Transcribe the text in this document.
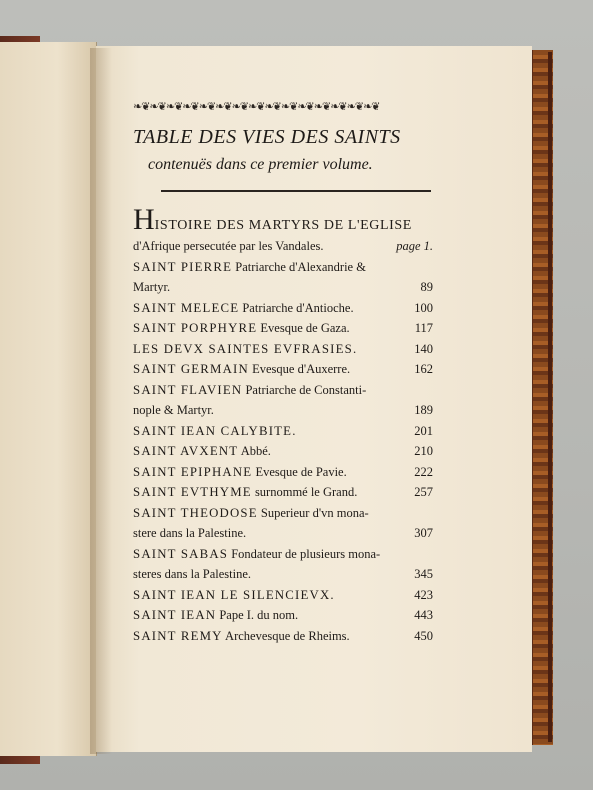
❧❦❧❦❧❦❧❦❧❦❧❦❧❦❧❦❧❦❧❦❧❦❧❦❧❦❧❦❧❦
TABLE DES VIES DES SAINTS
contenuës dans ce premier volume.
HISTOIRE DES MARTYRS DE L'EGLISE
d'Afrique persecutée par les Vandales.	page 1.
SAINT PIERRE Patriarche d'Alexandrie &
Martyr.	89
SAINT MELECE Patriarche d'Antioche.	100
SAINT PORPHYRE Evesque de Gaza.	117
LES DEVX SAINTES EVFRASIES.	140
SAINT GERMAIN Evesque d'Auxerre.	162
SAINT FLAVIEN Patriarche de Constanti-
nople & Martyr.	189
SAINT IEAN CALYBITE.	201
SAINT AVXENT Abbé.	210
SAINT EPIPHANE Evesque de Pavie.	222
SAINT EVTHYME surnommé le Grand.	257
SAINT THEODOSE Superieur d'vn mona-
stere dans la Palestine.	307
SAINT SABAS Fondateur de plusieurs mona-
steres dans la Palestine.	345
SAINT IEAN LE SILENCIEVX.	423
SAINT IEAN Pape I. du nom.	443
SAINT REMY Archevesque de Rheims.	450
